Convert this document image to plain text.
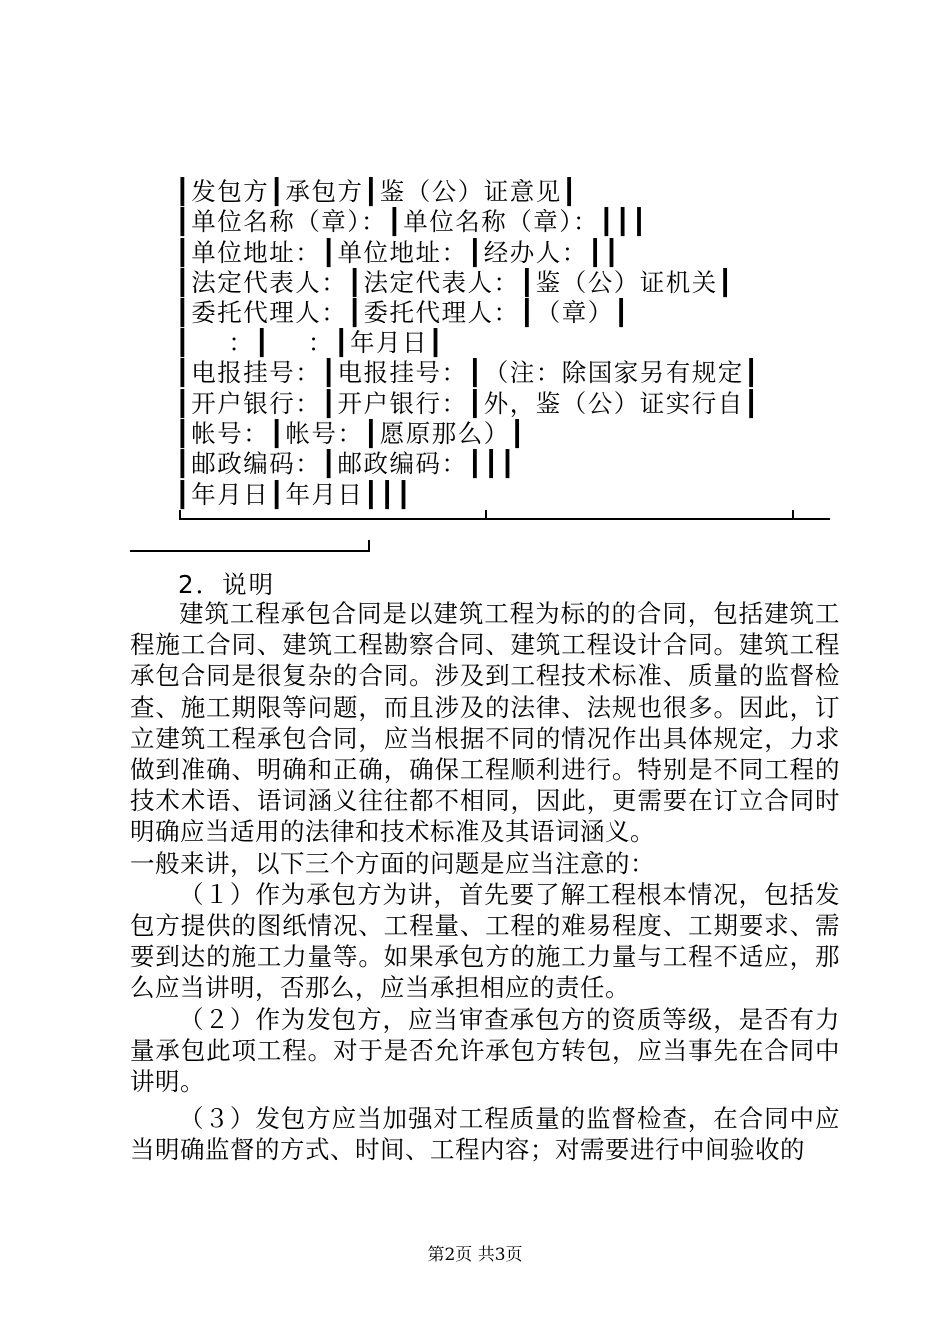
┃发包方┃承包方┃鉴（公）证意见┃
┃单位名称（章）：┃单位名称（章）：┃┃┃
┃单位地址：┃单位地址：┃经办人：┃┃
┃法定代表人：┃法定代表人：┃鉴（公）证机关┃
┃委托代理人：┃委托代理人：┃（章）┃
┃    ：┃    ：┃年月日┃
┃电报挂号：┃电报挂号：┃（注：除国家另有规定┃
┃开户银行：┃开户银行：┃外，鉴（公）证实行自┃
┃帐号：┃帐号：┃愿原那么）┃
┃邮政编码：┃邮政编码：┃┃┃
┃年月日┃年月日┃┃┃
2．说明

建筑工程承包合同是以建筑工程为标的的合同，包括建筑工程施工合同、建筑工程勘察合同、建筑工程设计合同。建筑工程承包合同是很复杂的合同。涉及到工程技术标准、质量的监督检查、施工期限等问题，而且涉及的法律、法规也很多。因此，订立建筑工程承包合同，应当根据不同的情况作出具体规定，力求做到准确、明确和正确，确保工程顺利进行。特别是不同工程的技术术语、语词涵义往往都不相同，因此，更需要在订立合同时明确应当适用的法律和技术标准及其语词涵义。

一般来讲，以下三个方面的问题是应当注意的：

（１）作为承包方为讲，首先要了解工程根本情况，包括发包方提供的图纸情况、工程量、工程的难易程度、工期要求、需要到达的施工力量等。如果承包方的施工力量与工程不适应，那么应当讲明，否那么，应当承担相应的责任。

（２）作为发包方，应当审查承包方的资质等级，是否有力量承包此项工程。对于是否允许承包方转包，应当事先在合同中讲明。

（３）发包方应当加强对工程质量的监督检查，在合同中应当明确监督的方式、时间、工程内容；对需要进行中间验收的

第2页 共3页
